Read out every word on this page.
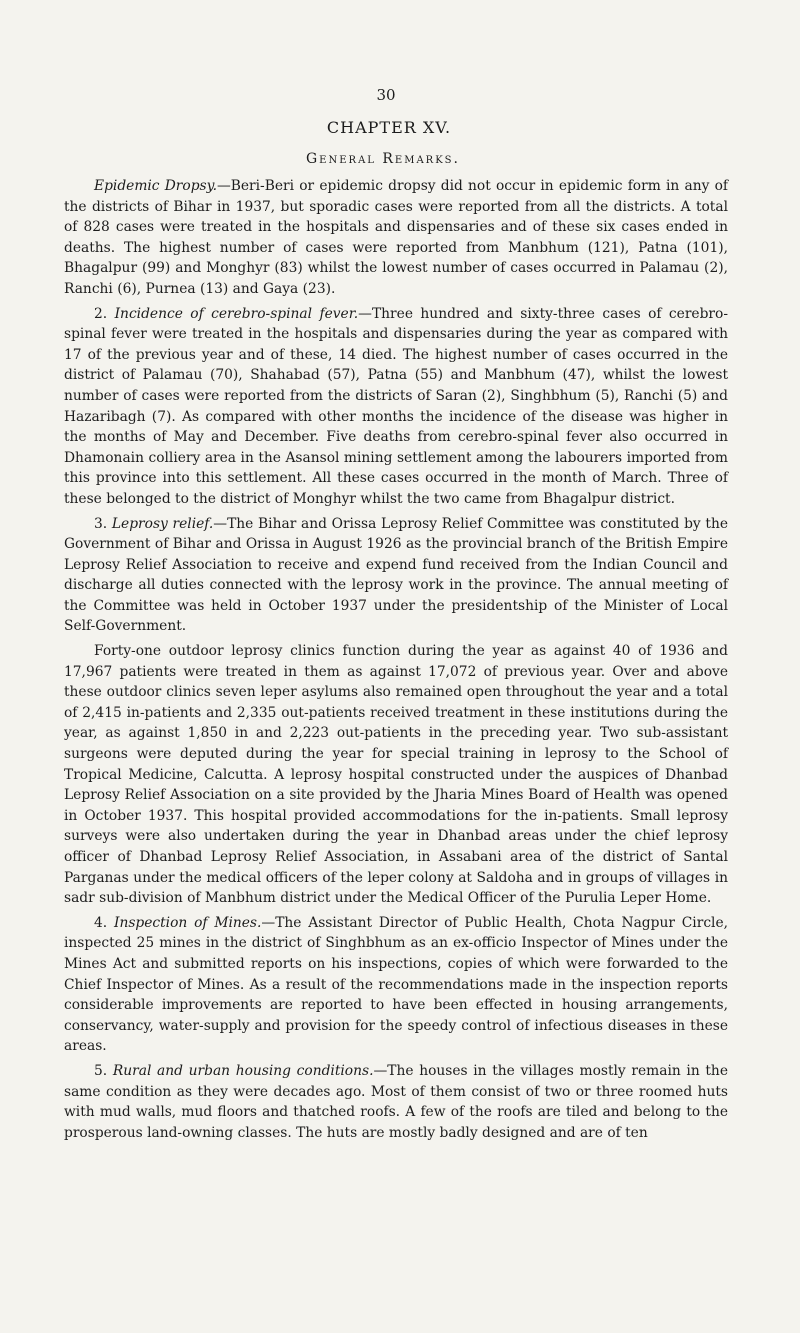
30
CHAPTER XV.
General Remarks.

Epidemic Dropsy.—Beri-Beri or epidemic dropsy did not occur in epidemic form in any of the districts of Bihar in 1937, but sporadic cases were reported from all the districts. A total of 828 cases were treated in the hospitals and dispensaries and of these six cases ended in deaths. The highest number of cases were reported from Manbhum (121), Patna (101), Bhagalpur (99) and Monghyr (83) whilst the lowest number of cases occurred in Palamau (2), Ranchi (6), Purnea (13) and Gaya (23).

2. Incidence of cerebro-spinal fever.—Three hundred and sixty-three cases of cerebro-spinal fever were treated in the hospitals and dispensaries during the year as compared with 17 of the previous year and of these, 14 died. The highest number of cases occurred in the district of Palamau (70), Shahabad (57), Patna (55) and Manbhum (47), whilst the lowest number of cases were reported from the districts of Saran (2), Singhbhum (5), Ranchi (5) and Hazaribagh (7). As compared with other months the incidence of the disease was higher in the months of May and December. Five deaths from cerebro-spinal fever also occurred in Dhamonain colliery area in the Asansol mining settlement among the labourers imported from this province into this settlement. All these cases occurred in the month of March. Three of these belonged to the district of Monghyr whilst the two came from Bhagalpur district.

3. Leprosy relief.—The Bihar and Orissa Leprosy Relief Committee was constituted by the Government of Bihar and Orissa in August 1926 as the provincial branch of the British Empire Leprosy Relief Association to receive and expend fund received from the Indian Council and discharge all duties connected with the leprosy work in the province. The annual meeting of the Committee was held in October 1937 under the presidentship of the Minister of Local Self-Government.

Forty-one outdoor leprosy clinics function during the year as against 40 of 1936 and 17,967 patients were treated in them as against 17,072 of previous year. Over and above these outdoor clinics seven leper asylums also remained open throughout the year and a total of 2,415 in-patients and 2,335 out-patients received treatment in these institutions during the year, as against 1,850 in and 2,223 out-patients in the preceding year. Two sub-assistant surgeons were deputed during the year for special training in leprosy to the School of Tropical Medicine, Calcutta. A leprosy hospital constructed under the auspices of Dhanbad Leprosy Relief Association on a site provided by the Jharia Mines Board of Health was opened in October 1937. This hospital provided accommodations for the in-patients. Small leprosy surveys were also undertaken during the year in Dhanbad areas under the chief leprosy officer of Dhanbad Leprosy Relief Association, in Assabani area of the district of Santal Parganas under the medical officers of the leper colony at Saldoha and in groups of villages in sadr sub-division of Manbhum district under the Medical Officer of the Purulia Leper Home.

4. Inspection of Mines.—The Assistant Director of Public Health, Chota Nagpur Circle, inspected 25 mines in the district of Singhbhum as an ex-officio Inspector of Mines under the Mines Act and submitted reports on his inspections, copies of which were forwarded to the Chief Inspector of Mines. As a result of the recommendations made in the inspection reports considerable improvements are reported to have been effected in housing arrangements, conservancy, water-supply and provision for the speedy control of infectious diseases in these areas.

5. Rural and urban housing conditions.—The houses in the villages mostly remain in the same condition as they were decades ago. Most of them consist of two or three roomed huts with mud walls, mud floors and thatched roofs. A few of the roofs are tiled and belong to the prosperous land-owning classes. The huts are mostly badly designed and are of ten
